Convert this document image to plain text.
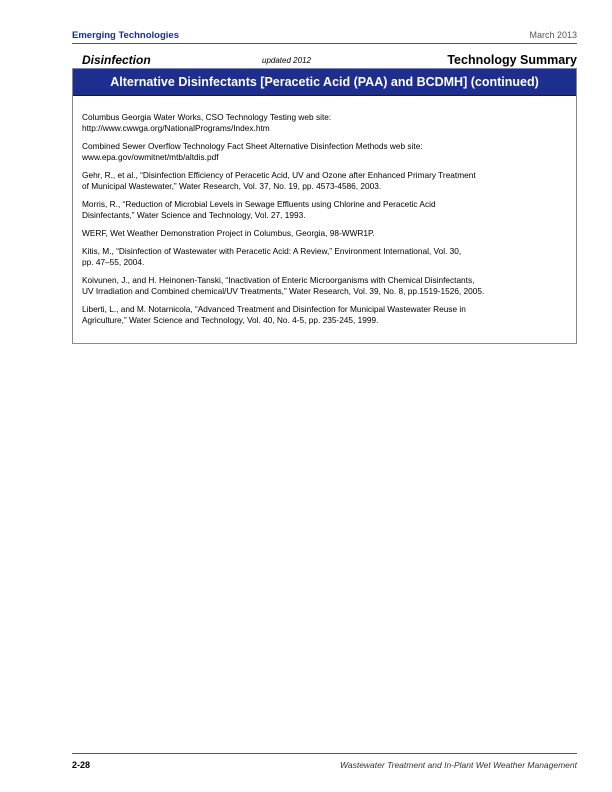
Emerging Technologies	March 2013
Disinfection	updated 2012	Technology Summary
Alternative Disinfectants [Peracetic Acid (PAA) and BCDMH] (continued)
Columbus Georgia Water Works, CSO Technology Testing web site:
http://www.cwwga.org/NationalPrograms/Index.htm
Combined Sewer Overflow Technology Fact Sheet Alternative Disinfection Methods web site:
www.epa.gov/owmitnet/mtb/altdis.pdf
Gehr, R., et al., “Disinfection Efficiency of Peracetic Acid, UV and Ozone after Enhanced Primary Treatment
of Municipal Wastewater,” Water Research, Vol. 37, No. 19, pp. 4573-4586, 2003.
Morris, R., “Reduction of Microbial Levels in Sewage Effluents using Chlorine and Peracetic Acid
Disinfectants,” Water Science and Technology, Vol. 27, 1993.
WERF, Wet Weather Demonstration Project in Columbus, Georgia, 98-WWR1P.
Kitis, M., “Disinfection of Wastewater with Peracetic Acid: A Review,” Environment International, Vol. 30,
pp. 47–55, 2004.
Koivunen, J., and H. Heinonen-Tanski, “Inactivation of Enteric Microorganisms with Chemical Disinfectants,
UV Irradiation and Combined chemical/UV Treatments,” Water Research, Vol. 39, No. 8, pp.1519-1526, 2005.
Liberti, L., and M. Notarnicola, “Advanced Treatment and Disinfection for Municipal Wastewater Reuse in
Agriculture,” Water Science and Technology, Vol. 40, No. 4-5, pp. 235-245, 1999.
2-28	Wastewater Treatment and In-Plant Wet Weather Management
